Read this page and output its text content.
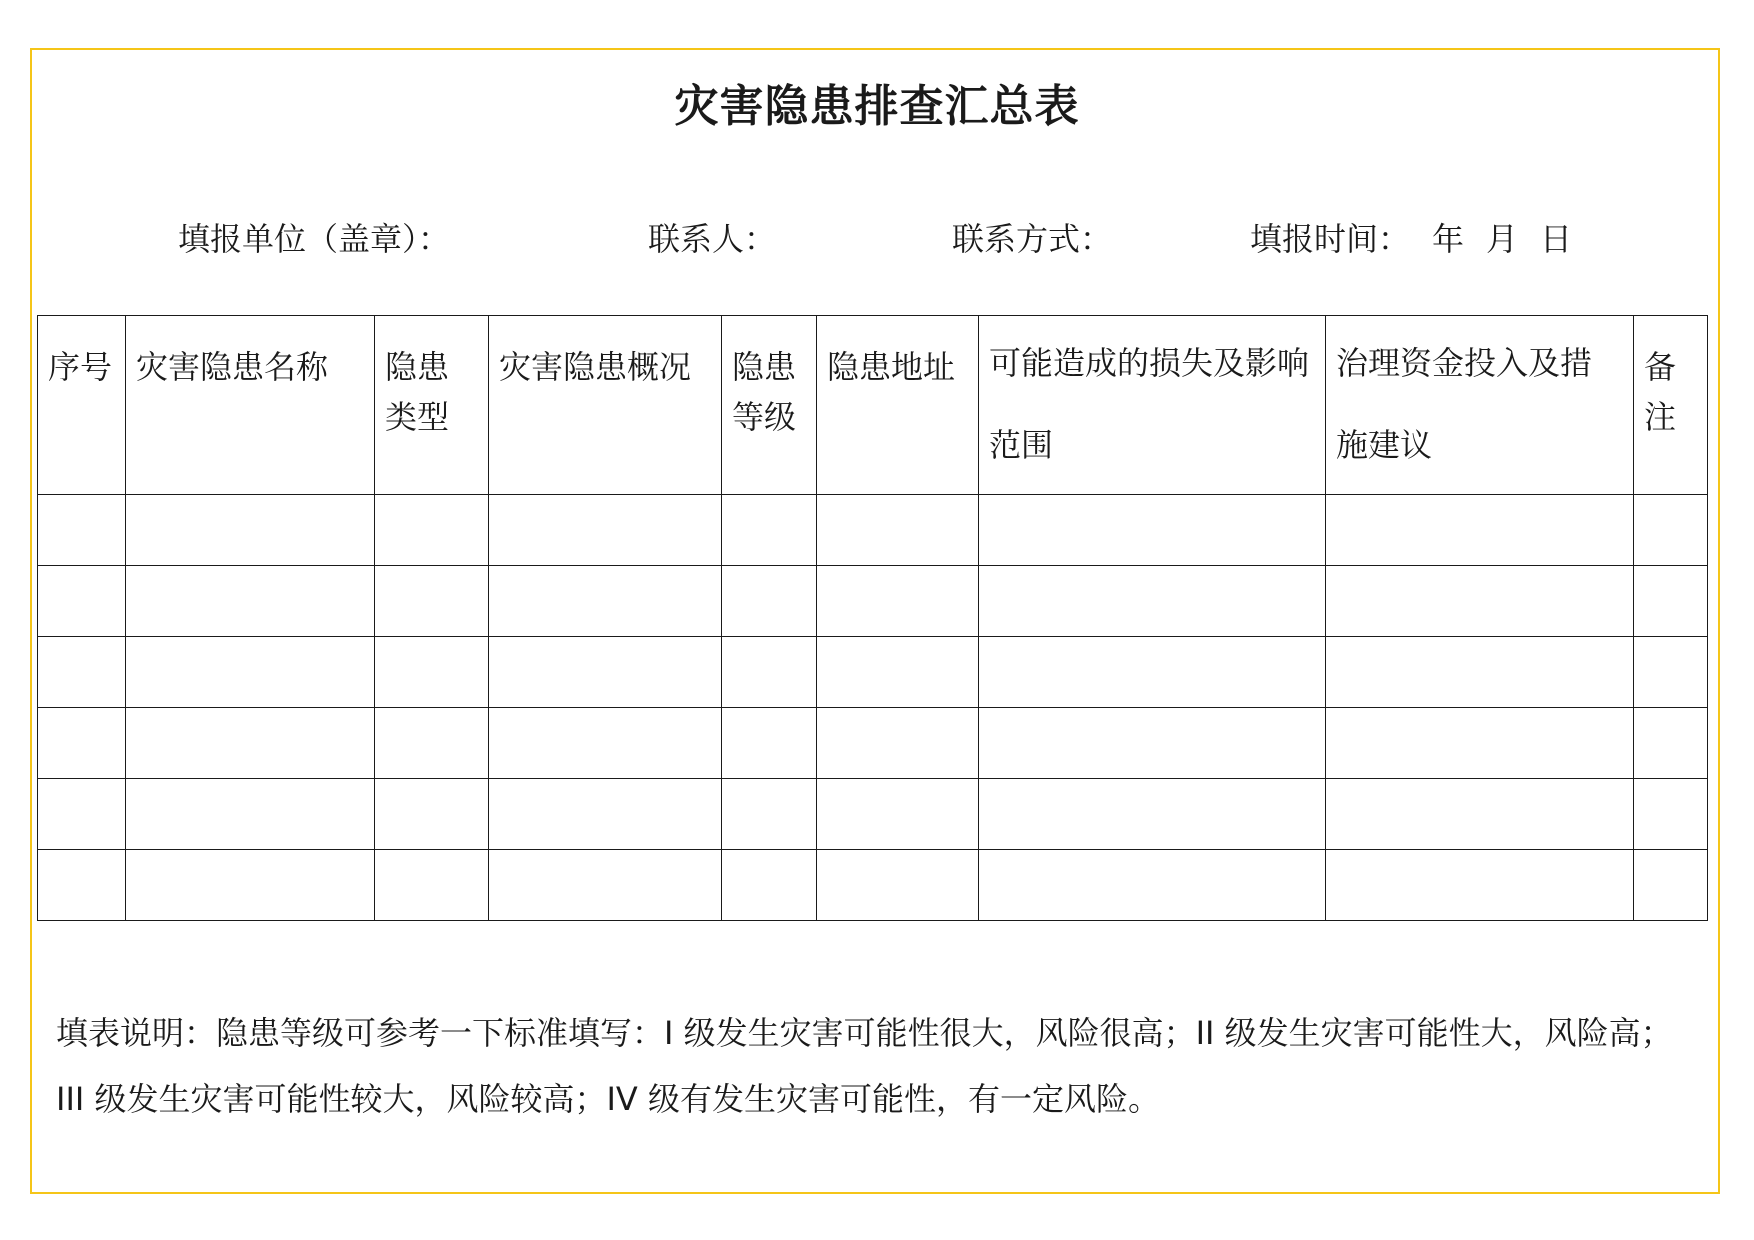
灾害隐患排查汇总表
填报单位（盖章）：	联系人：	联系方式：	填报时间： 年 月 日
序号	灾害隐患名称	隐患类型	灾害隐患概况	隐患等级	隐患地址	可能造成的损失及影响范围	治理资金投入及措施建议	备注

填表说明：隐患等级可参考一下标准填写：I 级发生灾害可能性很大，风险很高；II 级发生灾害可能性大，风险高；III 级发生灾害可能性较大，风险较高；IV 级有发生灾害可能性，有一定风险。
